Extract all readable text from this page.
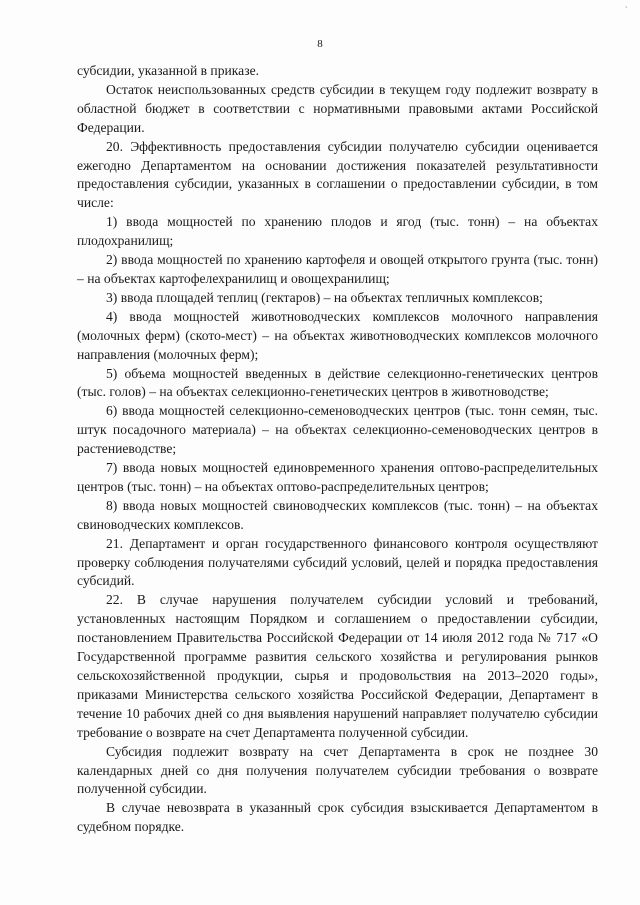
ˋ
8

субсидии, указанной в приказе.

Остаток неиспользованных средств субсидии в текущем году подлежит возврату в областной бюджет в соответствии с нормативными правовыми актами Российской Федерации.

20. Эффективность предоставления субсидии получателю субсидии оценивается ежегодно Департаментом на основании достижения показателей результативности предоставления субсидии, указанных в соглашении о предоставлении субсидии, в том числе:

1) ввода мощностей по хранению плодов и ягод (тыс. тонн) – на объектах плодохранилищ;

2) ввода мощностей по хранению картофеля и овощей открытого грунта (тыс. тонн) – на объектах картофелехранилищ и овощехранилищ;

3) ввода площадей теплиц (гектаров) – на объектах тепличных комплексов;

4) ввода мощностей животноводческих комплексов молочного направления (молочных ферм) (ското-мест) – на объектах животноводческих комплексов молочного направления (молочных ферм);

5) объема мощностей введенных в действие селекционно-генетических центров (тыс. голов) – на объектах селекционно-генетических центров в животноводстве;

6) ввода мощностей селекционно-семеноводческих центров (тыс. тонн семян, тыс. штук посадочного материала) – на объектах селекционно-семеноводческих центров в растениеводстве;

7) ввода новых мощностей единовременного хранения оптово-распределительных центров (тыс. тонн) – на объектах оптово-распределительных центров;

8) ввода новых мощностей свиноводческих комплексов (тыс. тонн) – на объектах свиноводческих комплексов.

21. Департамент и орган государственного финансового контроля осуществляют проверку соблюдения получателями субсидий условий, целей и порядка предоставления субсидий.

22. В случае нарушения получателем субсидии условий и требований, установленных настоящим Порядком и соглашением о предоставлении субсидии, постановлением Правительства Российской Федерации от 14 июля 2012 года № 717 «О Государственной программе развития сельского хозяйства и регулирования рынков сельскохозяйственной продукции, сырья и продовольствия на 2013–2020 годы», приказами Министерства сельского хозяйства Российской Федерации, Департамент в течение 10 рабочих дней со дня выявления нарушений направляет получателю субсидии требование о возврате на счет Департамента полученной субсидии.

Субсидия подлежит возврату на счет Департамента в срок не позднее 30 календарных дней со дня получения получателем субсидии требования о возврате полученной субсидии.

В случае невозврата в указанный срок субсидия взыскивается Департаментом в судебном порядке.
